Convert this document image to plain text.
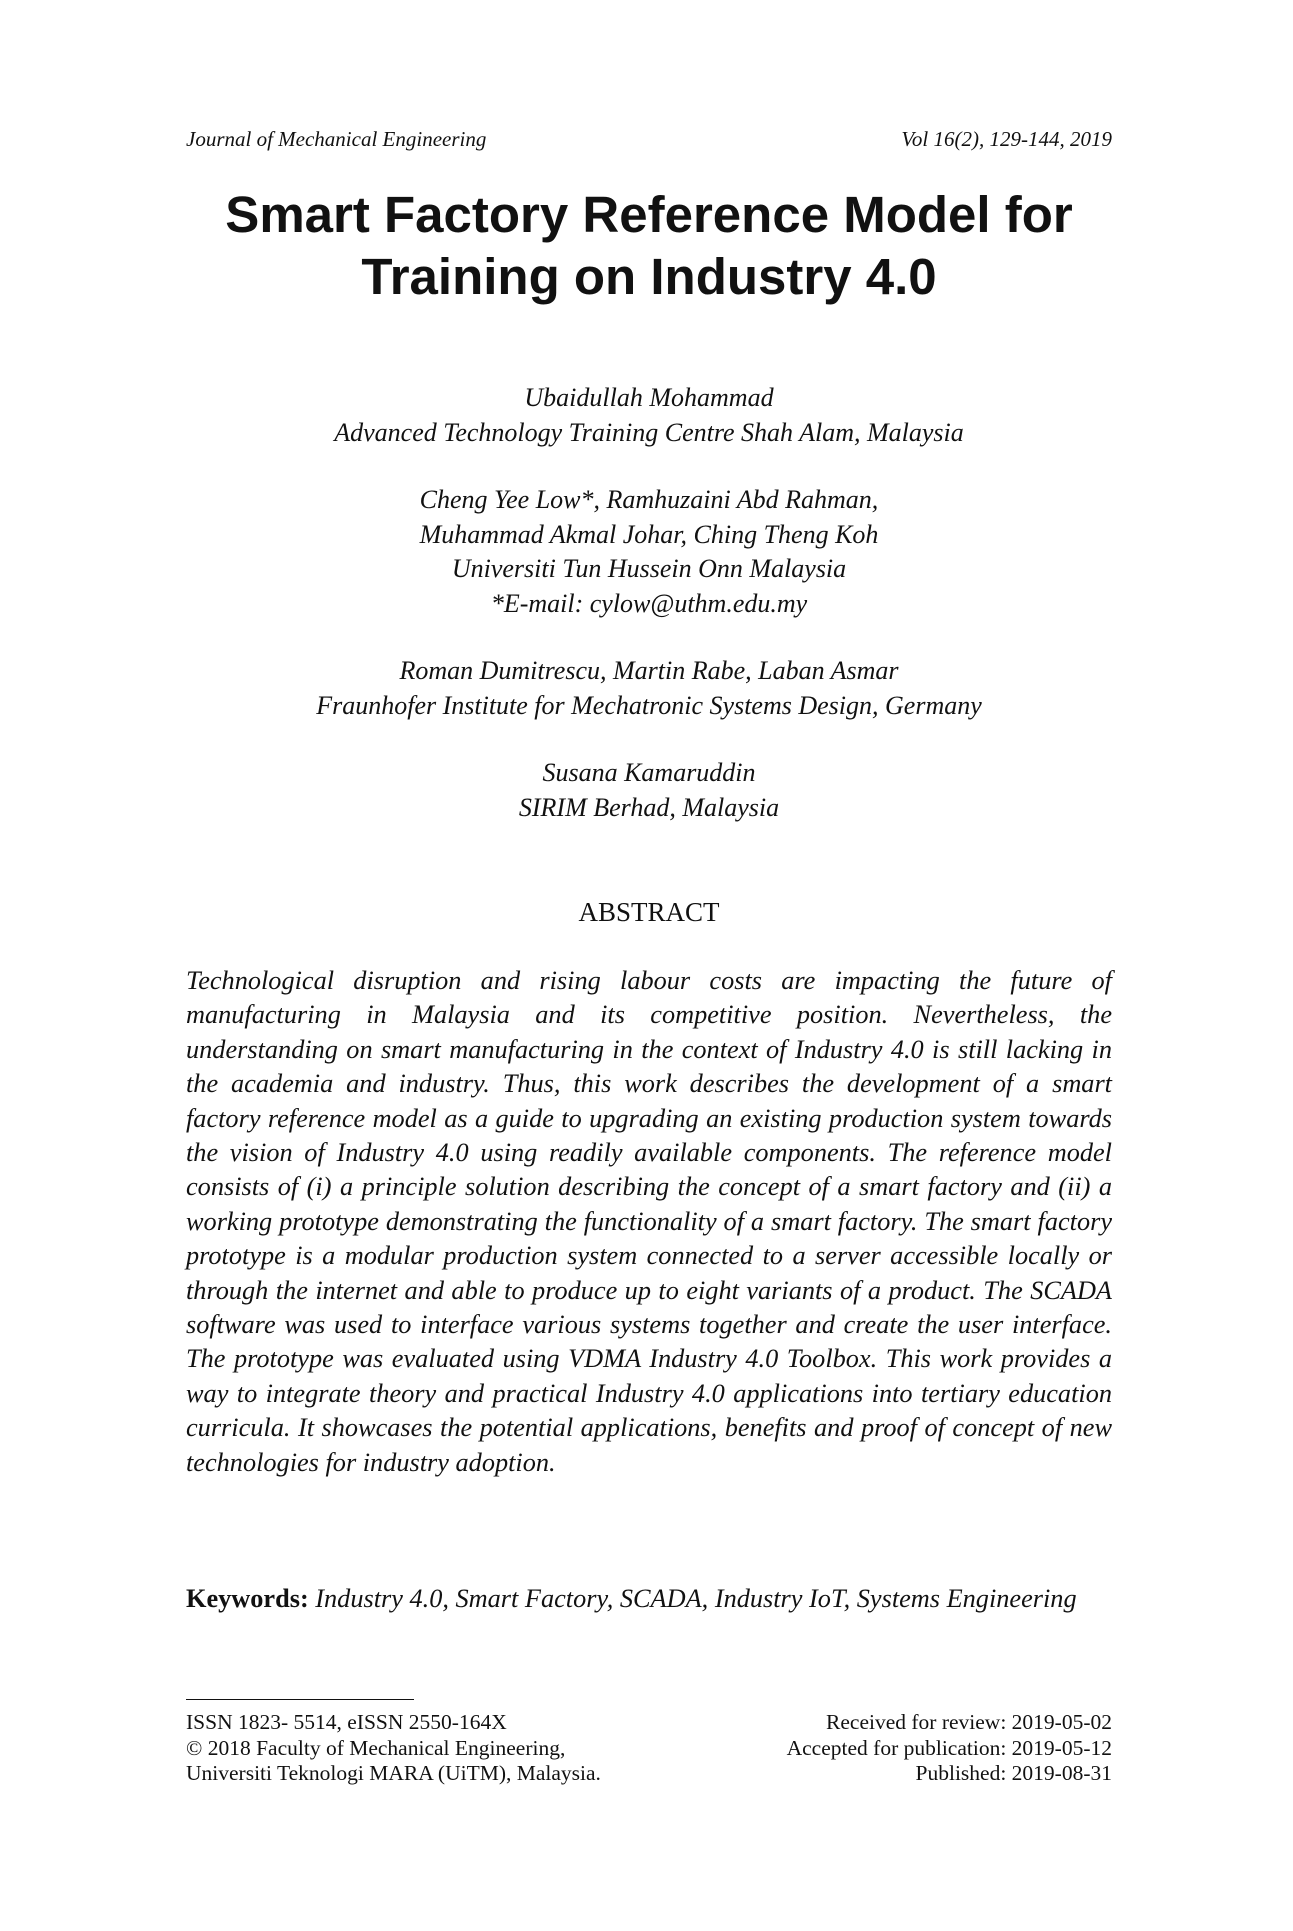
Journal of Mechanical Engineering	Vol 16(2), 129-144, 2019
Smart Factory Reference Model for
Training on Industry 4.0
Ubaidullah Mohammad
Advanced Technology Training Centre Shah Alam, Malaysia
Cheng Yee Low*, Ramhuzaini Abd Rahman,
Muhammad Akmal Johar, Ching Theng Koh
Universiti Tun Hussein Onn Malaysia
*E-mail: cylow@uthm.edu.my
Roman Dumitrescu, Martin Rabe, Laban Asmar
Fraunhofer Institute for Mechatronic Systems Design, Germany
Susana Kamaruddin
SIRIM Berhad, Malaysia
ABSTRACT

Technological disruption and rising labour costs are impacting the future of manufacturing in Malaysia and its competitive position. Nevertheless, the understanding on smart manufacturing in the context of Industry 4.0 is still lacking in the academia and industry. Thus, this work describes the development of a smart factory reference model as a guide to upgrading an existing production system towards the vision of Industry 4.0 using readily available components. The reference model consists of (i) a principle solution describing the concept of a smart factory and (ii) a working prototype demonstrating the functionality of a smart factory. The smart factory prototype is a modular production system connected to a server accessible locally or through the internet and able to produce up to eight variants of a product. The SCADA software was used to interface various systems together and create the user interface. The prototype was evaluated using VDMA Industry 4.0 Toolbox. This work provides a way to integrate theory and practical Industry 4.0 applications into tertiary education curricula. It showcases the potential applications, benefits and proof of concept of new technologies for industry adoption.

Keywords: Industry 4.0, Smart Factory, SCADA, Industry IoT, Systems Engineering

ISSN 1823- 5514, eISSN 2550-164X
© 2018 Faculty of Mechanical Engineering,
Universiti Teknologi MARA (UiTM), Malaysia.
Received for review: 2019-05-02
Accepted for publication: 2019-05-12
Published: 2019-08-31
